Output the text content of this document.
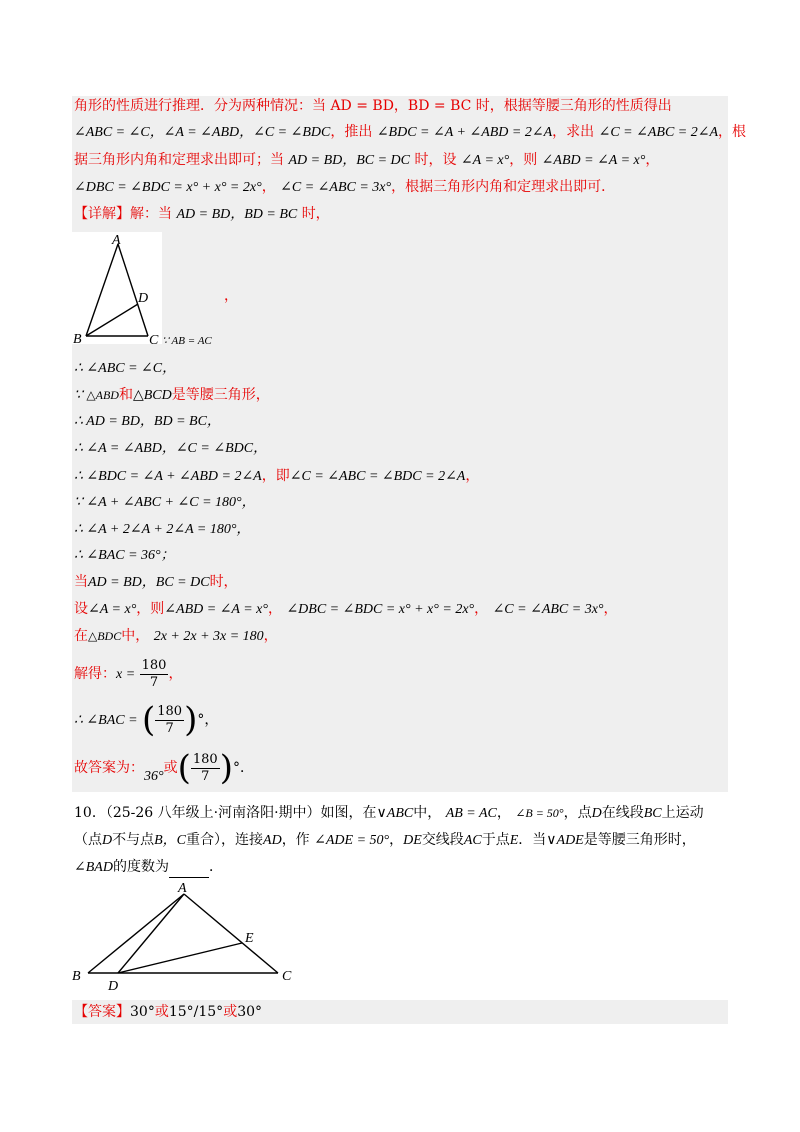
角形的性质进行推理．分为两种情况：当 AD = BD，BD = BC 时，根据等腰三角形的性质得出
∠ABC = ∠C，∠A = ∠ABD，∠C = ∠BDC，推出 ∠BDC = ∠A + ∠ABD = 2∠A，求出 ∠C = ∠ABC = 2∠A，根
据三角形内角和定理求出即可；当 AD = BD，BC = DC 时，设 ∠A = x°，则 ∠ABD = ∠A = x°，
∠DBC = ∠BDC = x° + x° = 2x°， ∠C = ∠ABC = 3x°，根据三角形内角和定理求出即可．
【详解】解：当 AD = BD，BD = BC 时，
A
B	C
D	，
∵ AB = AC
∴ ∠ABC = ∠C，
∵ △ABD和△BCD是等腰三角形，
∴ AD = BD，BD = BC，
∴ ∠A = ∠ABD，∠C = ∠BDC，
∴ ∠BDC = ∠A + ∠ABD = 2∠A，即∠C = ∠ABC = ∠BDC = 2∠A，
∵ ∠A + ∠ABC + ∠C = 180°，
∴ ∠A + 2∠A + 2∠A = 180°，
∴ ∠BAC = 36°；
当AD = BD，BC = DC时，
设∠A = x°，则∠ABD = ∠A = x°， ∠DBC = ∠BDC = x° + x° = 2x°， ∠C = ∠ABC = 3x°，
在△BDC中， 2x + 2x + 3x = 180，
解得：$x = \frac{180}{7}$ ，
∴ ∠BAC = ( $\frac{180}{7}$ )°，
故答案为：36°或( $\frac{180}{7}$ )°．
10．（25-26 八年级上·河南洛阳·期中）如图，在∨ABC中， AB = AC， ∠B = 50°，点D在线段BC上运动
（点D不与点B，C重合），连接AD，作 ∠ADE = 50°，DE交线段AC于点E．当∨ADE是等腰三角形时，
∠BAD的度数为	．
A
B	C
D
E
【答案】30°或15°/15°或30°
